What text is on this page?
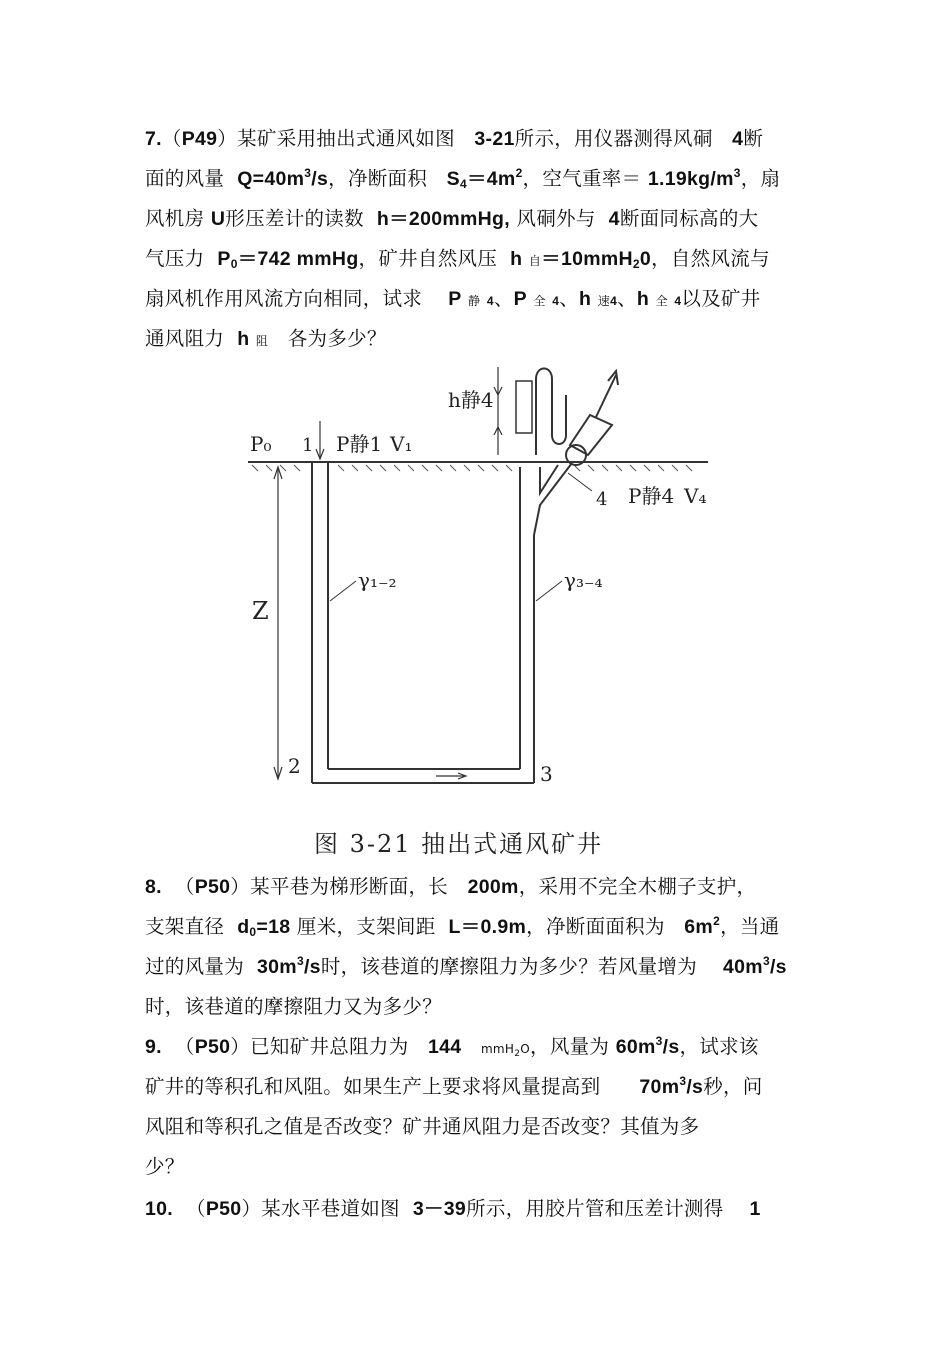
7.（P49）某矿采用抽出式通风如图 3-21所示，用仪器测得风硐 4断
面的风量 $Q=40m^3/s$，净断面积 $S_4=4m^2$，空气重率＝ $1.19kg/m^3$，扇
风机房 U形压差计的读数 h＝200mmHg, 风硐外与 4断面同标高的大
气压力 $P_0=742$ mmHg，矿井自然风压 h 自＝10mmH$_2$0，自然风流与
扇风机作用风流方向相同，试求 P 静 4、P 全 4、h 速4、h 全 4以及矿井
通风阻力 h 阻 各为多少？
P₀ 1 P静1 V₁
h静4
4 P静4 V₄
Z
γ₁₋₂	γ₃₋₄
2	3
图 3-21 抽出式通风矿井
8. （P50）某平巷为梯形断面，长 200m，采用不完全木棚子支护，
支架直径 $d_0=18$ 厘米，支架间距 L＝0.9m，净断面面积为 $6m^2$，当通
过的风量为 $30m^3/s$时，该巷道的摩擦阻力为多少？若风量增为 $40m^3/s$
时，该巷道的摩擦阻力又为多少？
9. （P50）已知矿井总阻力为 144 mmH$_2$O，风量为 $60m^3/s$，试求该
矿井的等积孔和风阻。如果生产上要求将风量提高到 $70m^3/s$秒，问
风阻和等积孔之值是否改变？矿井通风阻力是否改变？其值为多
少？
10. （P50）某水平巷道如图 3－39所示，用胶片管和压差计测得 1
